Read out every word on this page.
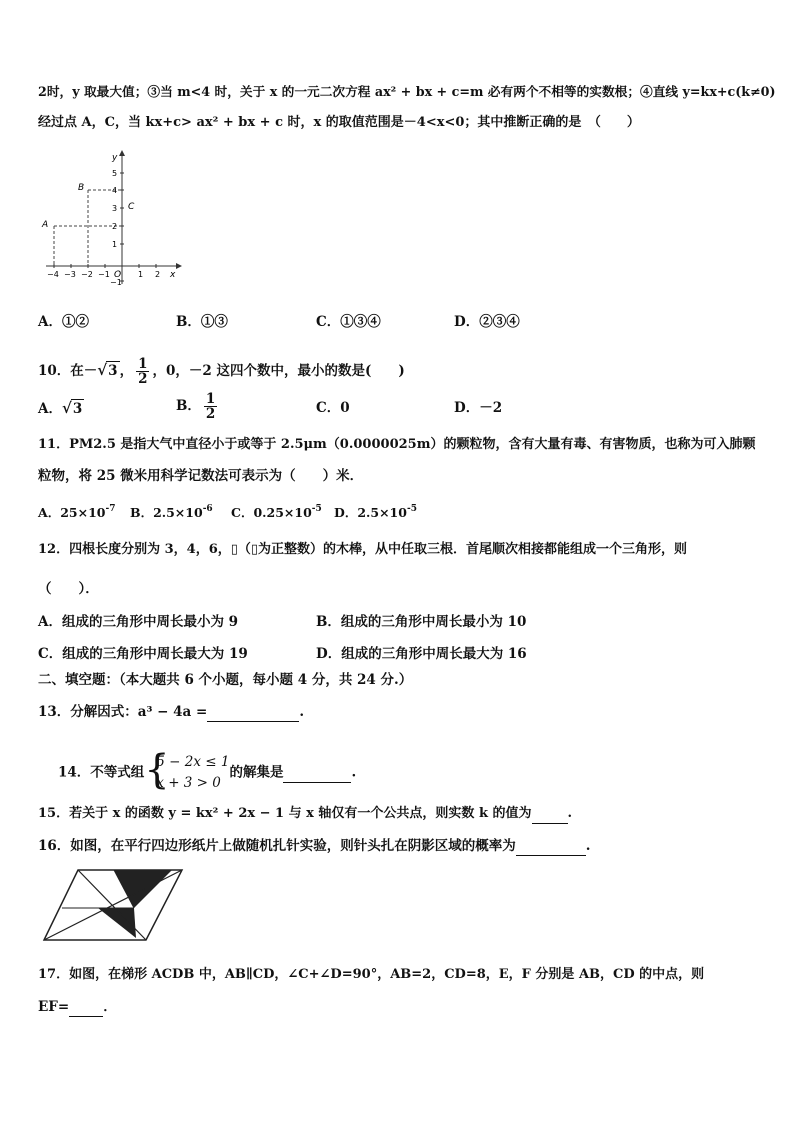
2时，y 取最大值；③当 m<4 时，关于 x 的一元二次方程 ax² + bx + c=m 必有两个不相等的实数根；④直线 y=kx+c(k≠0)
经过点 A，C，当 kx+c> ax² + bx + c 时，x 的取值范围是－4<x<0；其中推断正确的是　（　　）
y
x
O
A
B
C
−4 −3 −2 −1	1 2
5
4
3
2
1
−1
A．①②	B．①③	C．①③④	D．②③④
10．在－√3 ， $\frac{1}{2}$ ，0，－2 这四个数中，最小的数是(　　)
A．√3	B． $\frac{1}{2}$	C．0	D．－2
11．PM2.5 是指大气中直径小于或等于 2.5μm（0.0000025m）的颗粒物，含有大量有毒、有害物质，也称为可入肺颗
粒物，将 25 微米用科学记数法可表示为（　　）米．
A．$25\times 10^{-7}$ B．$2.5\times 10^{-6}$ C．$0.25\times 10^{-5}$ D．$2.5\times 10^{-5}$
12．四根长度分别为 3，4，6，▯（▯为正整数）的木棒，从中任取三根．首尾顺次相接都能组成一个三角形，则
（　　）．
A．组成的三角形中周长最小为 9	B．组成的三角形中周长最小为 10
C．组成的三角形中周长最大为 19	D．组成的三角形中周长最大为 16
二、填空题：（本大题共 6 个小题，每小题 4 分，共 24 分.）
13．分解因式：a³ − 4a =	.
14．不等式组 {
5 − 2x ≤ 1
x + 3 > 0
的解集是	.
15．若关于 x 的函数 y = kx² + 2x − 1 与 x 轴仅有一个公共点，则实数 k 的值为	.
16．如图，在平行四边形纸片上做随机扎针实验，则针头扎在阴影区域的概率为	.
17．如图，在梯形 ACDB 中，AB∥CD，∠C+∠D=90°，AB=2，CD=8，E，F 分别是 AB，CD 的中点，则
EF=	．
